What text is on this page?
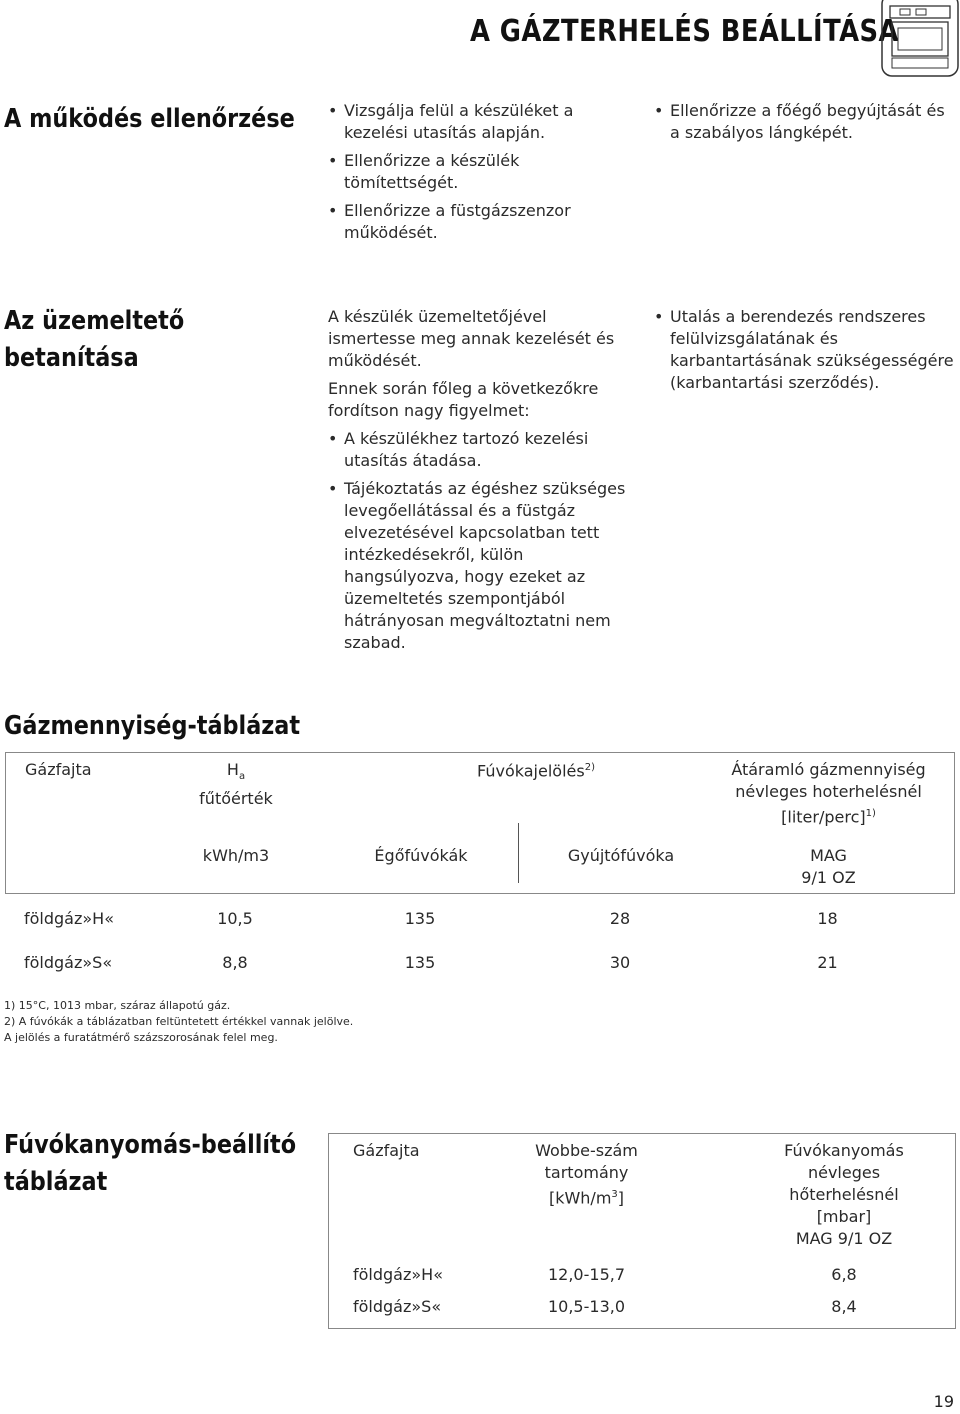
A GÁZTERHELÉS BEÁLLÍTÁSA
A működés ellenőrzése
•	Vizsgálja felül a készüléket a kezelési utasítás alapján.
• Ellenőrizze a készülék tömítettségét.
• Ellenőrizze a füstgázszenzor működését.
• Ellenőrizze a főégő begyújtását és a szabályos lángképét.
Az üzemeltető
betanítása

A készülék üzemeltetőjével ismertesse meg annak kezelését és működését.

Ennek során főleg a következőkre fordítson nagy figyelmet:

• A készülékhez tartozó kezelési utasítás átadása.
• Tájékoztatás az égéshez szükséges levegőellátással és a füstgáz elvezetésével kapcsolatban tett intézkedésekről, külön hangsúlyozva, hogy ezeket az üzemeltetés szempontjából hátrányosan megváltoztatni nem szabad.
• Utalás a berendezés rendszeres felülvizsgálatának és karbantartásának szükségességére (karbantartási szerződés).
Gázmennyiség-táblázat
Gázfajta	$H_a$
fűtőérték
Fúvókajelölés$^{2)}$	Átáramló gázmennyiség
névleges hoterhelésnél
[liter/perc]$^{1)}$
kWh/m3	Égőfúvókák	Gyújtófúvóka	MAG
9/1 OZ
földgáz»H«	10,5	135	28	18
földgáz»S«	8,8	135	30	21
1) 15°C, 1013 mbar, száraz állapotú gáz.
2) A fúvókák a táblázatban feltüntetett értékkel vannak jelölve.
A jelölés a furatátmérő százszorosának felel meg.
Fúvókanyomás-beállító
táblázat
Gázfajta	Wobbe-szám
tartomány
$[kWh/m^3]$
Fúvókanyomás
névleges
hőterhelésnél
[mbar]
MAG 9/1 OZ
földgáz»H«	12,0-15,7	6,8
földgáz»S«	10,5-13,0	8,4
19
